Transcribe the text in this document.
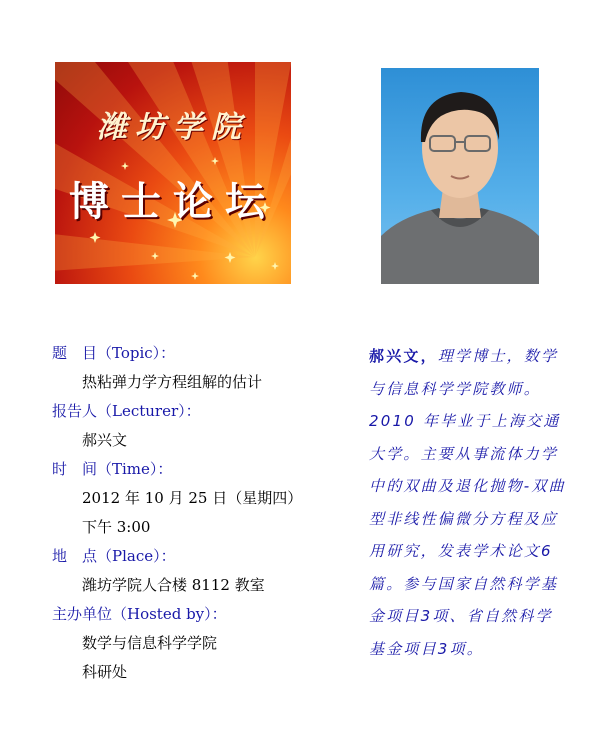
潍坊学院
博士论坛
题　目（Topic）：
热粘弹力学方程组解的估计
报告人（Lecturer）：
郝兴文
时　间（Time）：
2012 年 10 月 25 日（星期四）
下午 3:00
地　点（Place）：
潍坊学院人合楼 8112 教室
主办单位（Hosted by）：
数学与信息科学学院
科研处
郝兴文，理学博士，数学与信息科学学院教师。2010 年毕业于上海交通大学。主要从事流体力学中的双曲及退化抛物-双曲型非线性偏微分方程及应用研究，发表学术论文6篇。参与国家自然科学基金项目3项、省自然科学基金项目3项。
